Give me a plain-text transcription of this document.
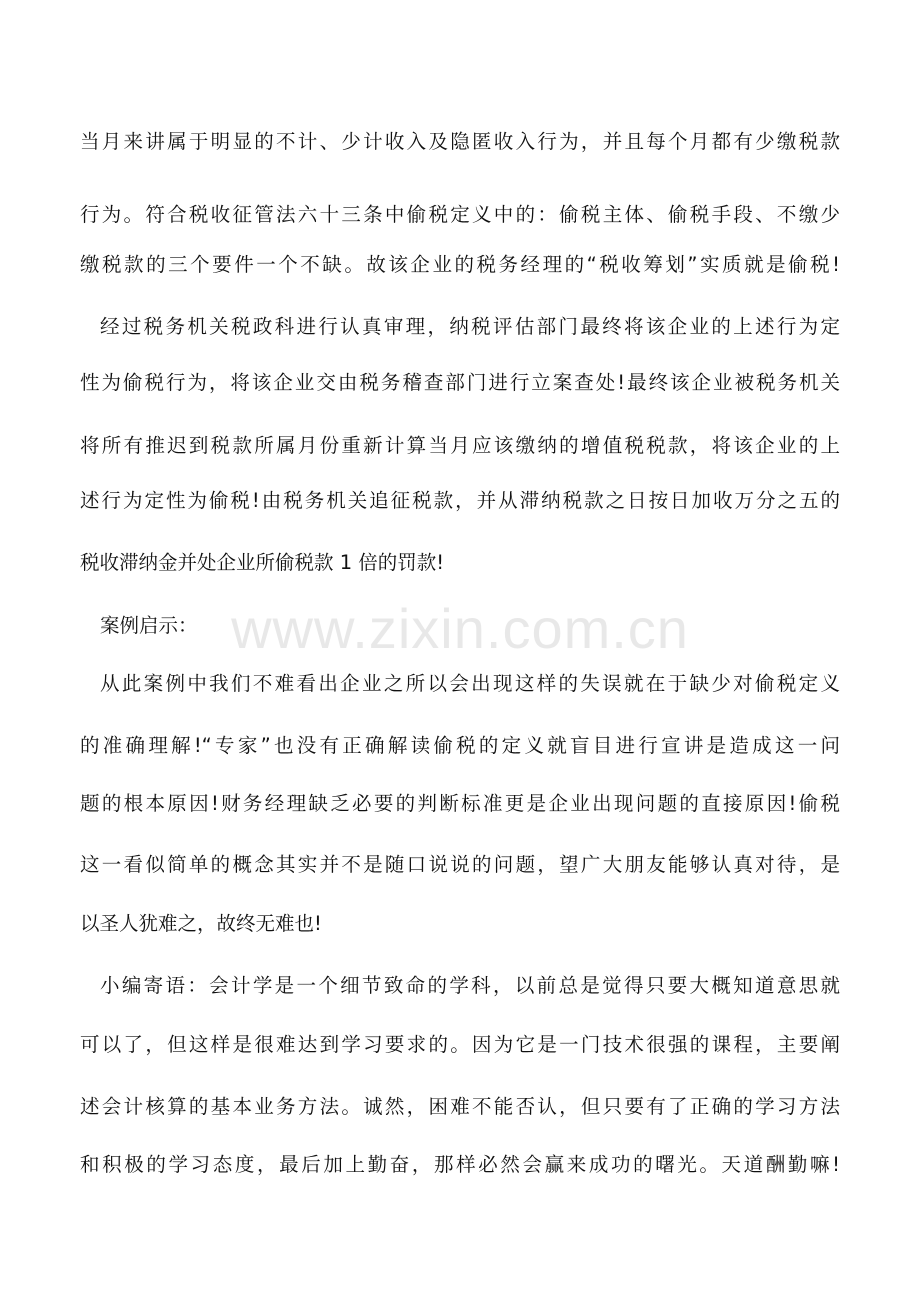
www.zixin.com.cn
当月来讲属于明显的不计、少计收入及隐匿收入行为，并且每个月都有少缴税款
行为。符合税收征管法六十三条中偷税定义中的：偷税主体、偷税手段、不缴少
缴税款的三个要件一个不缺。故该企业的税务经理的“税收筹划”实质就是偷税!
经过税务机关税政科进行认真审理，纳税评估部门最终将该企业的上述行为定
性为偷税行为，将该企业交由税务稽查部门进行立案查处!最终该企业被税务机关
将所有推迟到税款所属月份重新计算当月应该缴纳的增值税税款，将该企业的上
述行为定性为偷税!由税务机关追征税款，并从滞纳税款之日按日加收万分之五的
税收滞纳金并处企业所偷税款 1 倍的罚款!
案例启示：
从此案例中我们不难看出企业之所以会出现这样的失误就在于缺少对偷税定义
的准确理解!“专家”也没有正确解读偷税的定义就盲目进行宣讲是造成这一问
题的根本原因!财务经理缺乏必要的判断标准更是企业出现问题的直接原因!偷税
这一看似简单的概念其实并不是随口说说的问题，望广大朋友能够认真对待，是
以圣人犹难之，故终无难也!
小编寄语：会计学是一个细节致命的学科，以前总是觉得只要大概知道意思就
可以了，但这样是很难达到学习要求的。因为它是一门技术很强的课程，主要阐
述会计核算的基本业务方法。诚然，困难不能否认，但只要有了正确的学习方法
和积极的学习态度，最后加上勤奋，那样必然会赢来成功的曙光。天道酬勤嘛!
